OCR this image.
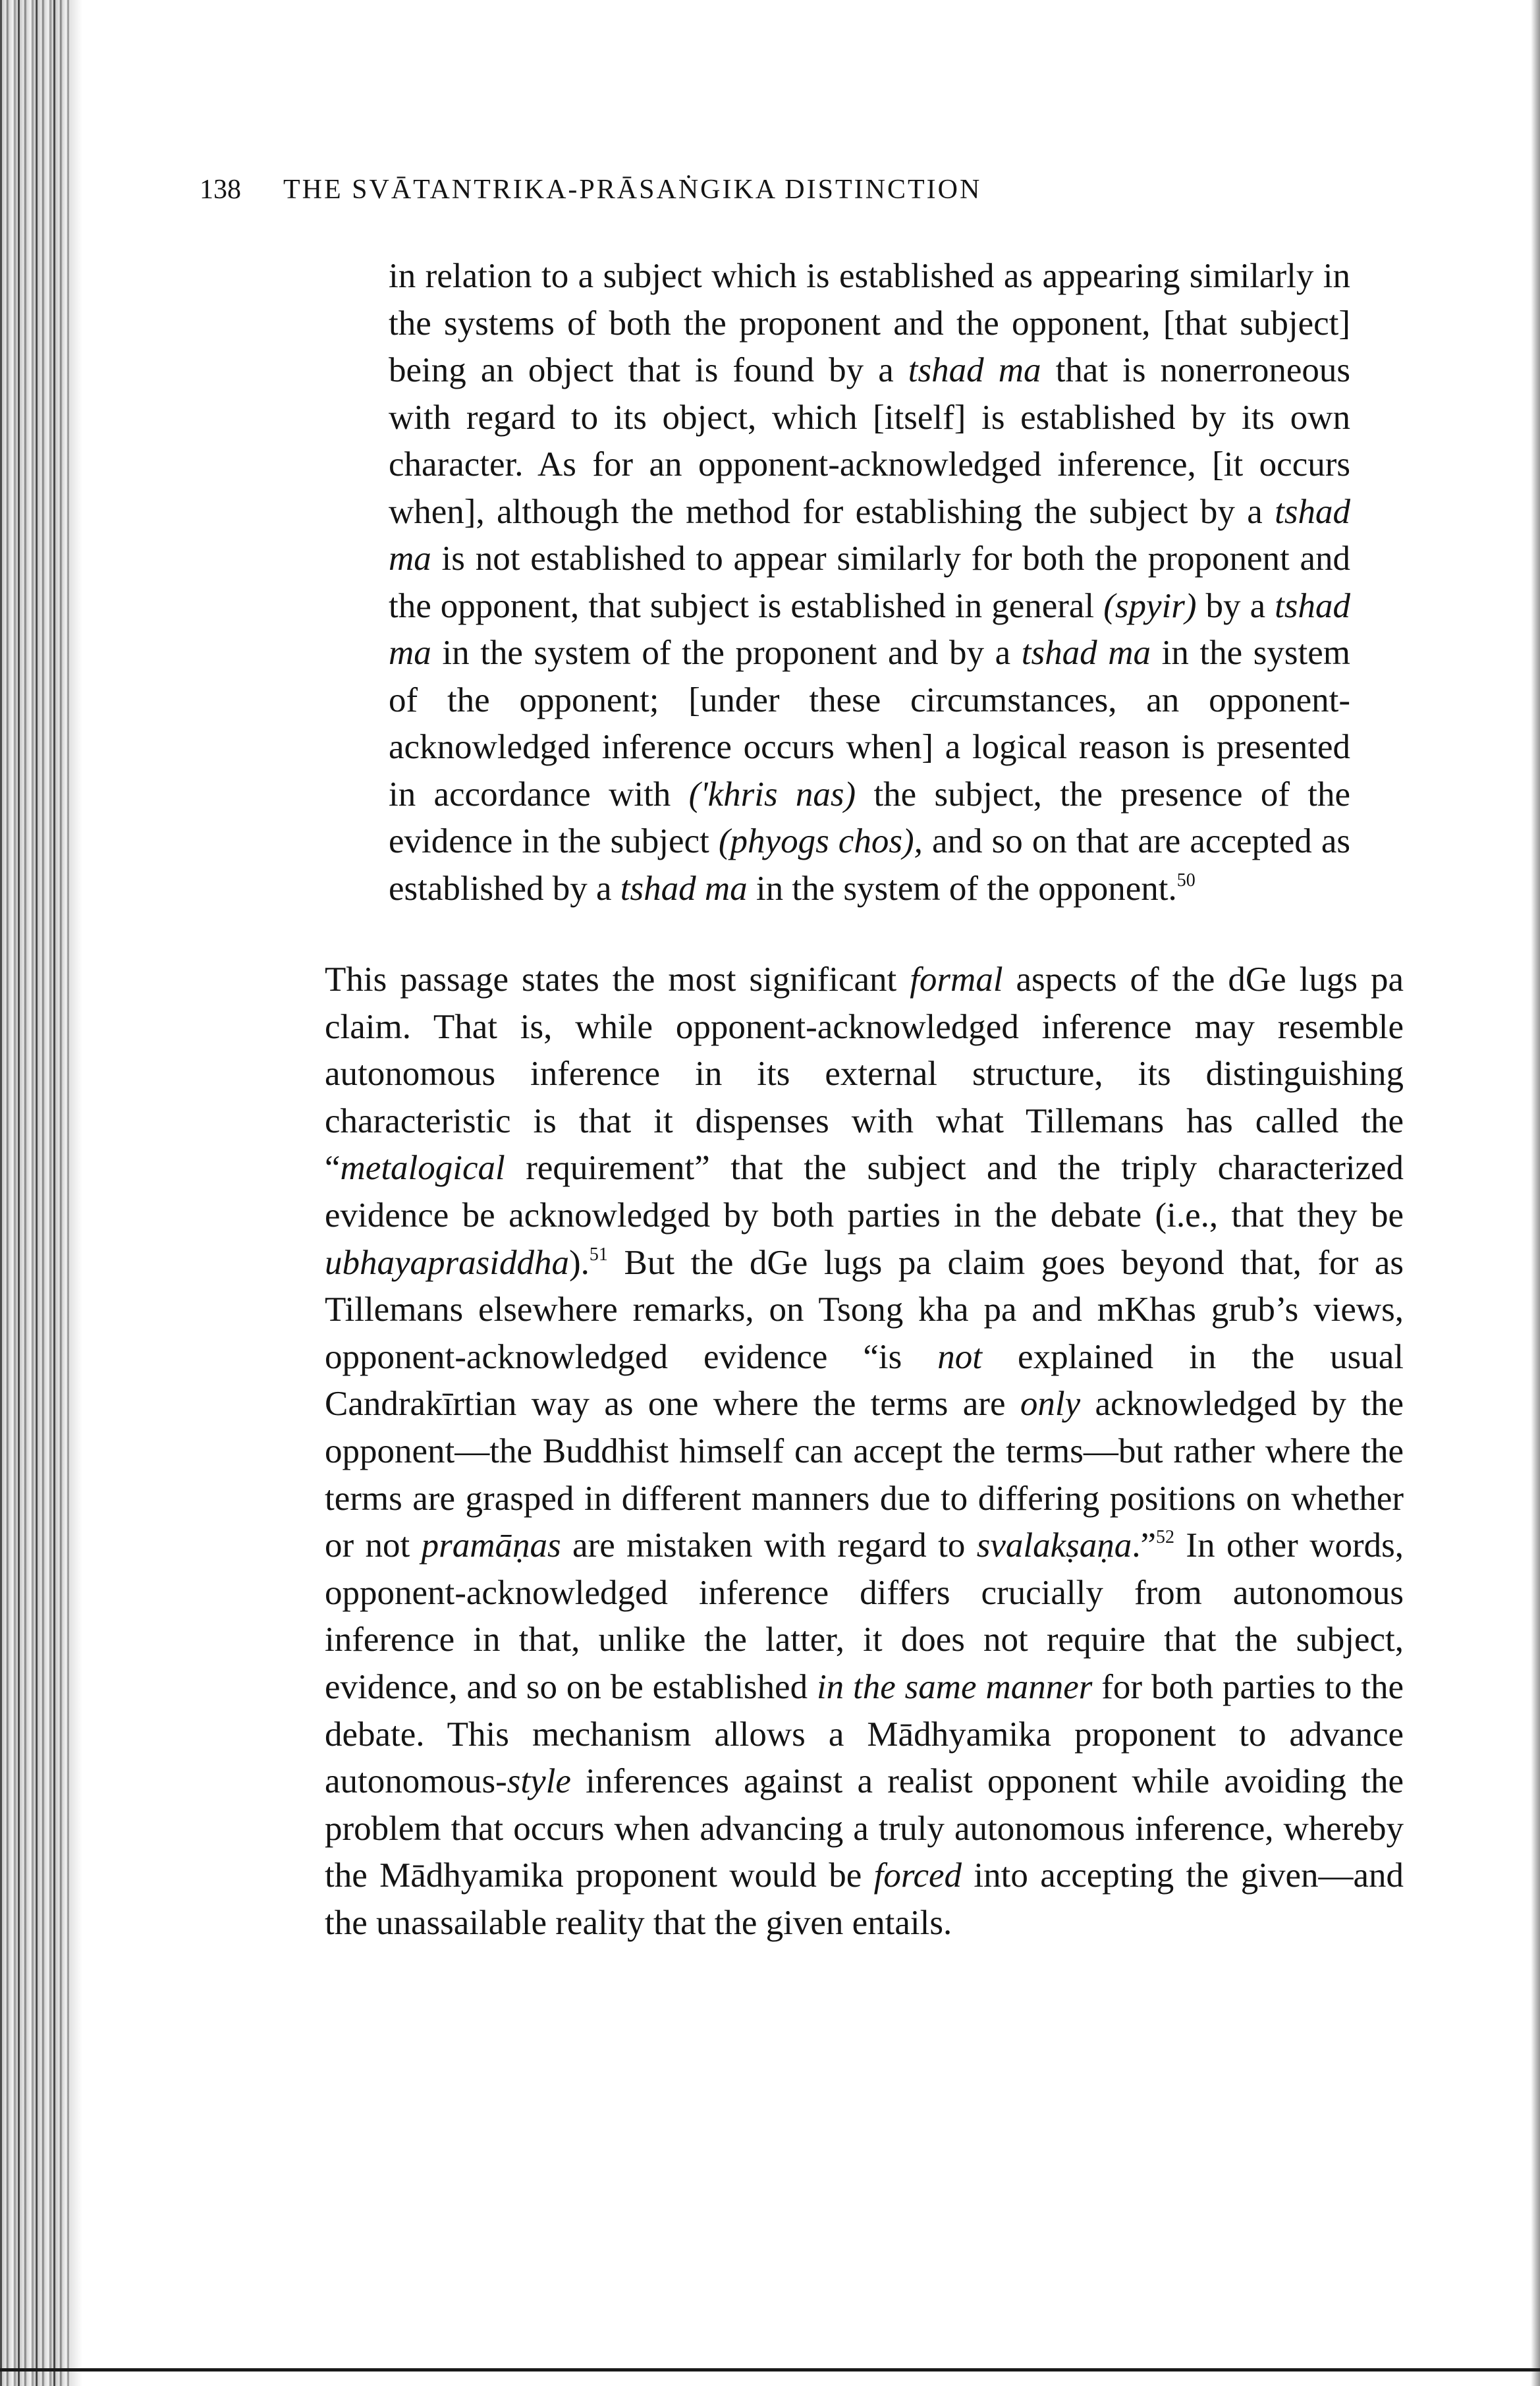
138 THE SVĀTANTRIKA-PRĀSAṄGIKA DISTINCTION

in relation to a subject which is established as appearing similarly in the systems of both the proponent and the opponent, [that subject] being an object that is found by a tshad ma that is nonerroneous with regard to its object, which [itself] is established by its own character. As for an opponent-acknowledged inference, [it occurs when], although the method for establishing the subject by a tshad ma is not established to appear similarly for both the proponent and the opponent, that subject is established in general (spyir) by a tshad ma in the system of the proponent and by a tshad ma in the system of the opponent; [under these circumstances, an opponent-acknowledged inference occurs when] a logical reason is presented in accordance with ('khris nas) the subject, the presence of the evidence in the subject (phyogs chos), and so on that are accepted as established by a tshad ma in the system of the opponent.$^{50}$

This passage states the most significant formal aspects of the dGe lugs pa claim. That is, while opponent-acknowledged inference may resemble autonomous inference in its external structure, its distinguishing characteristic is that it dispenses with what Tillemans has called the “metalogical requirement” that the subject and the triply characterized evidence be acknowledged by both parties in the debate (i.e., that they be ubhayaprasiddha).$^{51}$ But the dGe lugs pa claim goes beyond that, for as Tillemans elsewhere remarks, on Tsong kha pa and mKhas grub’s views, opponent-acknowledged evidence “is not explained in the usual Candrakīrtian way as one where the terms are only acknowledged by the opponent—the Buddhist himself can accept the terms—but rather where the terms are grasped in different manners due to differing positions on whether or not pramāṇas are mistaken with regard to svalakṣaṇa.”$^{52}$ In other words, opponent-acknowledged inference differs crucially from autonomous inference in that, unlike the latter, it does not require that the subject, evidence, and so on be established in the same manner for both parties to the debate. This mechanism allows a Mādhyamika proponent to advance autonomous-style inferences against a realist opponent while avoiding the problem that occurs when advancing a truly autonomous inference, whereby the Mādhyamika proponent would be forced into accepting the given—and the unassailable reality that the given entails.
